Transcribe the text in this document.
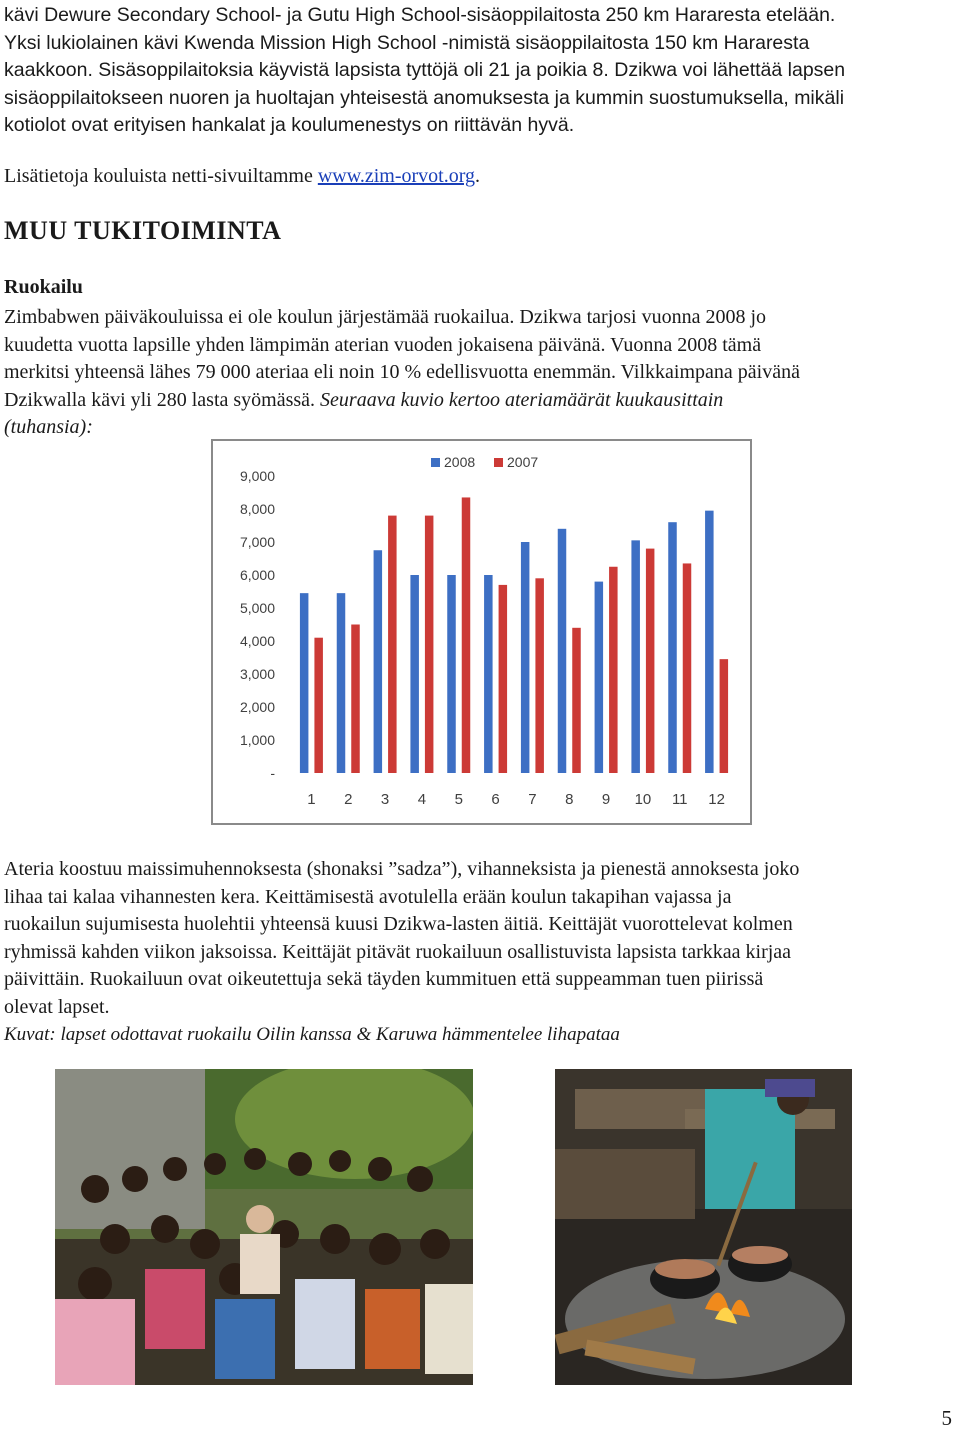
kävi Dewure Secondary School- ja Gutu High School-sisäoppilaitosta 250 km Hararesta etelään.

Yksi lukiolainen kävi Kwenda Mission High School -nimistä sisäoppilaitosta 150 km Hararesta

kaakkoon. Sisäsoppilaitoksia käyvistä lapsista tyttöjä oli 21 ja poikia 8. Dzikwa voi lähettää lapsen

sisäoppilaitokseen nuoren ja huoltajan yhteisestä anomuksesta ja kummin suostumuksella, mikäli

kotiolot ovat erityisen hankalat ja koulumenestys on riittävän hyvä.

Lisätietoja kouluista netti-sivuiltamme www.zim-orvot.org.
MUU TUKITOIMINTA
Ruokailu

Zimbabwen päiväkouluissa ei ole koulun järjestämää ruokailua. Dzikwa tarjosi vuonna 2008 jo

kuudetta vuotta lapsille yhden lämpimän aterian vuoden jokaisena päivänä. Vuonna 2008 tämä

merkitsi yhteensä lähes 79 000 ateriaa eli noin 10 % edellisvuotta enemmän. Vilkkaimpana päivänä

Dzikwalla kävi yli 280 lasta syömässä. Seuraava kuvio kertoo ateriamäärät kuukausittain

(tuhansia):

-
1,000
2,000
3,000
4,000
5,000
6,000
7,000
8,000
9,000
1 2 3 4 5 6 7 8 9 10 11 12
2008 2007

Ateria koostuu maissimuhennoksesta (shonaksi ”sadza”), vihanneksista ja pienestä annoksesta joko

lihaa tai kalaa vihannesten kera. Keittämisestä avotulella erään koulun takapihan vajassa ja

ruokailun sujumisesta huolehtii yhteensä kuusi Dzikwa-lasten äitiä. Keittäjät vuorottelevat kolmen

ryhmissä kahden viikon jaksoissa. Keittäjät pitävät ruokailuun osallistuvista lapsista tarkkaa kirjaa

päivittäin. Ruokailuun ovat oikeutettuja sekä täyden kummituen että suppeamman tuen piirissä

olevat lapset.

Kuvat: lapset odottavat ruokailu Oilin kanssa & Karuwa hämmentelee lihapataa

5
